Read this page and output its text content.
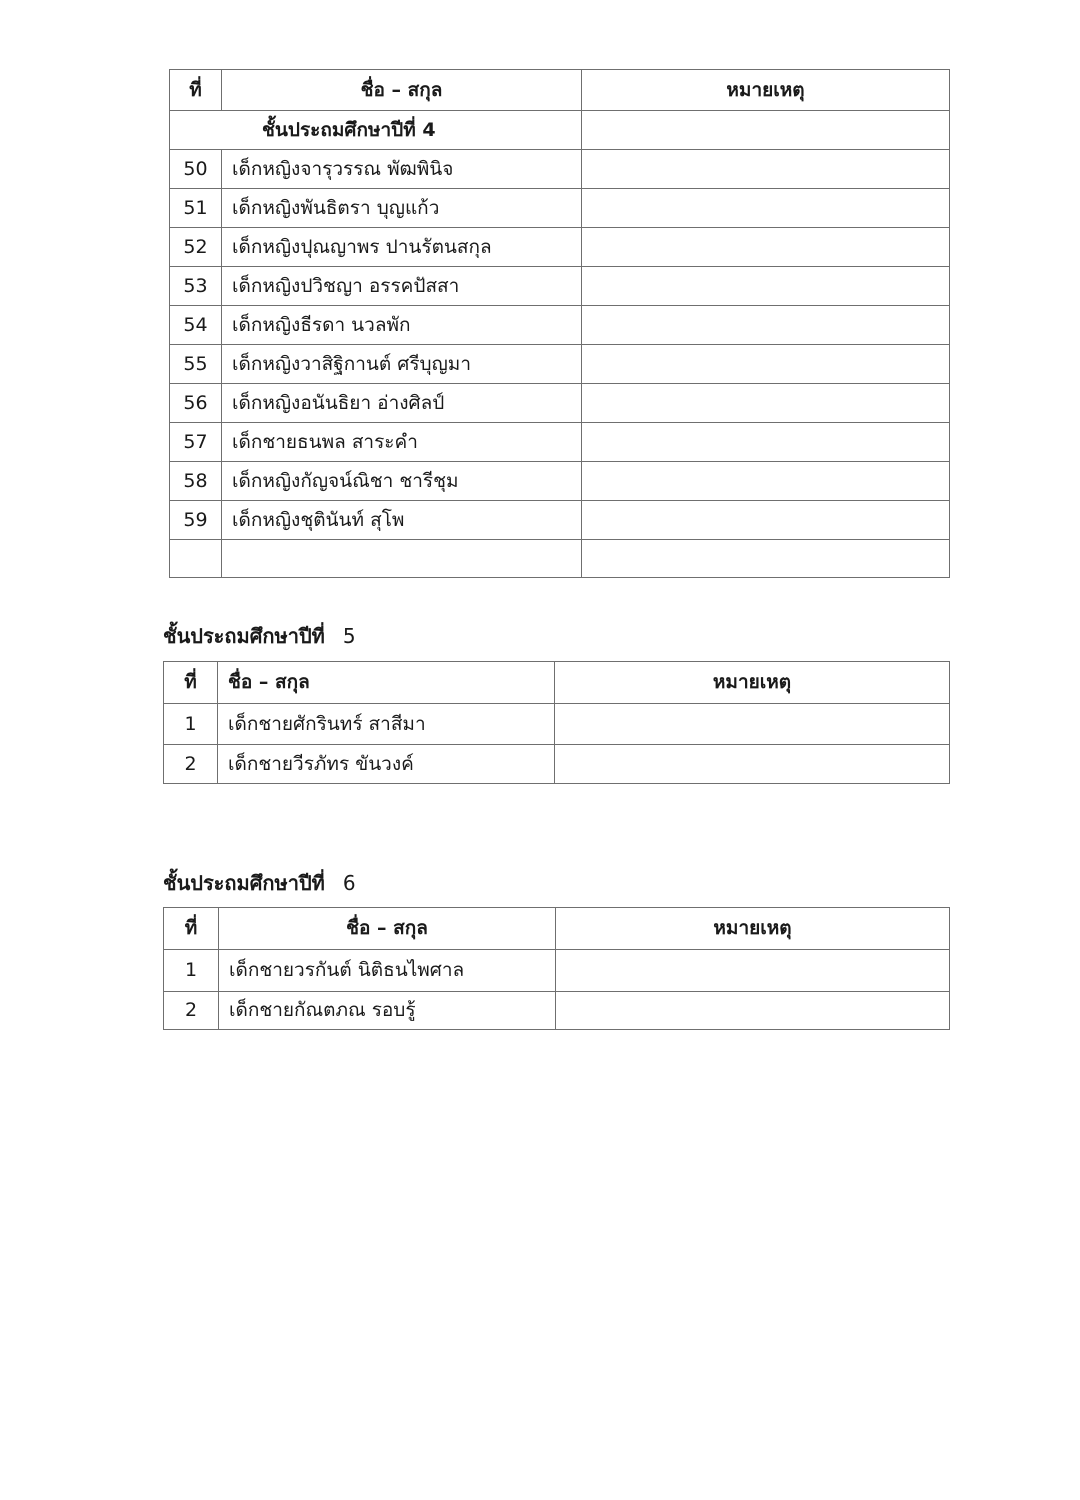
ที่	ชื่อ – สกุล	หมายเหตุ
ชั้นประถมศึกษาปีที่ 4		
50	เด็กหญิงจารุวรรณ พัฒพินิจ	
51	เด็กหญิงพันธิตรา บุญแก้ว	
52	เด็กหญิงปุณญาพร ปานรัตนสกุล	
53	เด็กหญิงปวิชญา อรรคปัสสา	
54	เด็กหญิงธีรดา นวลพัก	
55	เด็กหญิงวาสิฐิกานต์ ศรีบุญมา	
56	เด็กหญิงอนันธิยา อ่างศิลป์	
57	เด็กชายธนพล สาระคำ	
58	เด็กหญิงกัญจน์ณิชา ชารีชุม	
59	เด็กหญิงชุตินันท์ สุโพ	

ชั้นประถมศึกษาปีที่ 5
ที่	ชื่อ – สกุล	หมายเหตุ
1	เด็กชายศักรินทร์ สาสีมา	
2	เด็กชายวีรภัทร ขันวงค์	
ชั้นประถมศึกษาปีที่ 6
ที่	ชื่อ – สกุล	หมายเหตุ
1	เด็กชายวรกันต์ นิติธนไพศาล	
2	เด็กชายกัณตภณ รอบรู้	
